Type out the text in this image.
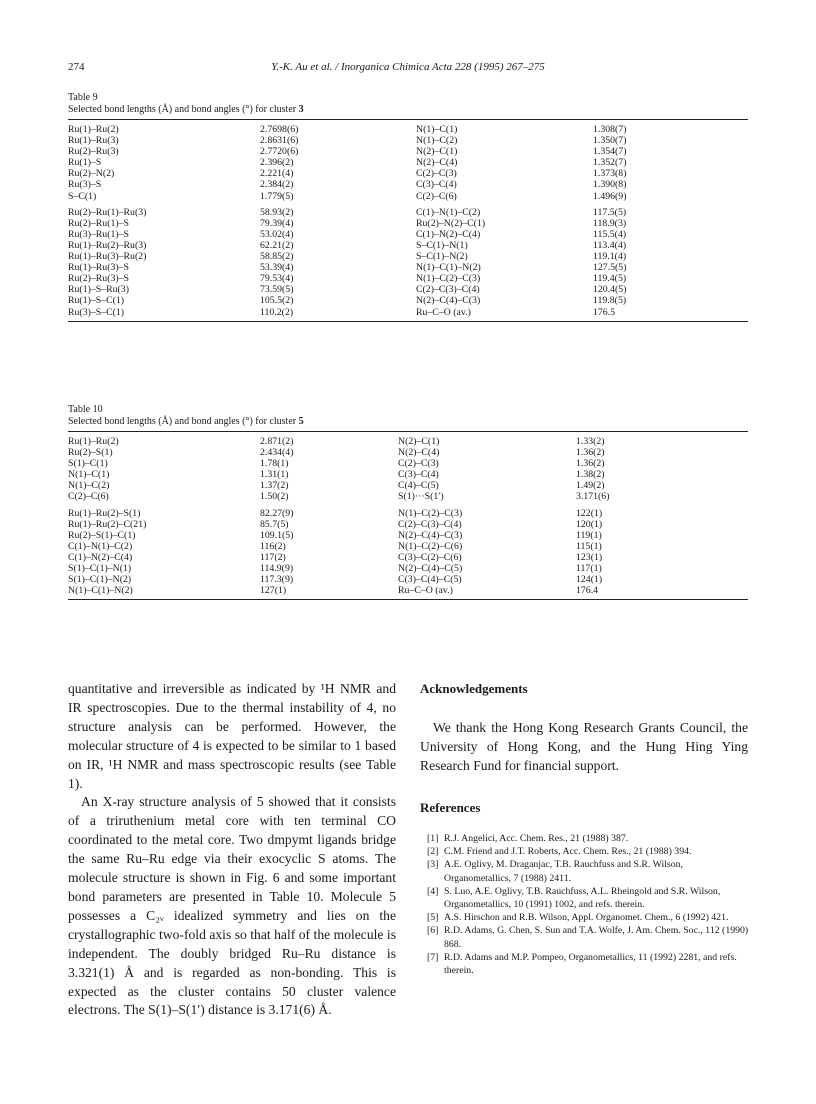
274	Y.-K. Au et al. / Inorganica Chimica Acta 228 (1995) 267–275
Table 9
Selected bond lengths (Å) and bond angles (°) for cluster 3
Ru(1)–Ru(2)	2.7698(6)	N(1)–C(1)	1.308(7)
Ru(1)–Ru(3)	2.8631(6)	N(1)–C(2)	1.350(7)
Ru(2)–Ru(3)	2.7720(6)	N(2)–C(1)	1.354(7)
Ru(1)–S	2.396(2)	N(2)–C(4)	1.352(7)
Ru(2)–N(2)	2.221(4)	C(2)–C(3)	1.373(8)
Ru(3)–S	2.384(2)	C(3)–C(4)	1.390(8)
S–C(1)	1.779(5)	C(2)–C(6)	1.496(9)
Ru(2)–Ru(1)–Ru(3)	58.93(2)	C(1)–N(1)–C(2)	117.5(5)
Ru(2)–Ru(1)–S	79.39(4)	Ru(2)–N(2)–C(1)	118.9(3)
Ru(3)–Ru(1)–S	53.02(4)	C(1)–N(2)–C(4)	115.5(4)
Ru(1)–Ru(2)–Ru(3)	62.21(2)	S–C(1)–N(1)	113.4(4)
Ru(1)–Ru(3)–Ru(2)	58.85(2)	S–C(1)–N(2)	119.1(4)
Ru(1)–Ru(3)–S	53.39(4)	N(1)–C(1)–N(2)	127.5(5)
Ru(2)–Ru(3)–S	79.53(4)	N(1)–C(2)–C(3)	119.4(5)
Ru(1)–S–Ru(3)	73.59(5)	C(2)–C(3)–C(4)	120.4(5)
Ru(1)–S–C(1)	105.5(2)	N(2)–C(4)–C(3)	119.8(5)
Ru(3)–S–C(1)	110.2(2)	Ru–C–O (av.)	176.5
Table 10
Selected bond lengths (Å) and bond angles (°) for cluster 5
Ru(1)–Ru(2)	2.871(2)	N(2)–C(1)	1.33(2)
Ru(2)–S(1)	2.434(4)	N(2)–C(4)	1.36(2)
S(1)–C(1)	1.78(1)	C(2)–C(3)	1.36(2)
N(1)–C(1)	1.31(1)	C(3)–C(4)	1.38(2)
N(1)–C(2)	1.37(2)	C(4)–C(5)	1.49(2)
C(2)–C(6)	1.50(2)	S(1)···S(1′)	3.171(6)
Ru(1)–Ru(2)–S(1)	82.27(9)	N(1)–C(2)–C(3)	122(1)
Ru(1)–Ru(2)–C(21)	85.7(5)	C(2)–C(3)–C(4)	120(1)
Ru(2)–S(1)–C(1)	109.1(5)	N(2)–C(4)–C(3)	119(1)
C(1)–N(1)–C(2)	116(2)	N(1)–C(2)–C(6)	115(1)
C(1)–N(2)–C(4)	117(2)	C(3)–C(2)–C(6)	123(1)
S(1)–C(1)–N(1)	114.9(9)	N(2)–C(4)–C(5)	117(1)
S(1)–C(1)–N(2)	117.3(9)	C(3)–C(4)–C(5)	124(1)
N(1)–C(1)–N(2)	127(1)	Ru–C–O (av.)	176.4

quantitative and irreversible as indicated by ¹H NMR and IR spectroscopies. Due to the thermal instability of 4, no structure analysis can be performed. However, the molecular structure of 4 is expected to be similar to 1 based on IR, ¹H NMR and mass spectroscopic results (see Table 1).

An X-ray structure analysis of 5 showed that it consists of a triruthenium metal core with ten terminal CO coordinated to the metal core. Two dmpymt ligands bridge the same Ru–Ru edge via their exocyclic S atoms. The molecule structure is shown in Fig. 6 and some important bond parameters are presented in Table 10. Molecule 5 possesses a C₂ᵥ idealized symmetry and lies on the crystallographic two-fold axis so that half of the molecule is independent. The doubly bridged Ru–Ru distance is 3.321(1) Å and is regarded as non-bonding. This is expected as the cluster contains 50 cluster valence electrons. The S(1)–S(1′) distance is 3.171(6) Å.

Acknowledgements

We thank the Hong Kong Research Grants Council, the University of Hong Kong, and the Hung Hing Ying Research Fund for financial support.

References
[1] R.J. Angelici, Acc. Chem. Res., 21 (1988) 387.
[2] C.M. Friend and J.T. Roberts, Acc. Chem. Res., 21 (1988) 394.
[3] A.E. Oglivy, M. Draganjac, T.B. Rauchfuss and S.R. Wilson, Organometallics, 7 (1988) 2411.
[4] S. Luo, A.E. Oglivy, T.B. Rauchfuss, A.L. Rheingold and S.R. Wilson, Organometallics, 10 (1991) 1002, and refs. therein.
[5] A.S. Hirschon and R.B. Wilson, Appl. Organomet. Chem., 6 (1992) 421.
[6] R.D. Adams, G. Chen, S. Sun and T.A. Wolfe, J. Am. Chem. Soc., 112 (1990) 868.
[7] R.D. Adams and M.P. Pompeo, Organometallics, 11 (1992) 2281, and refs. therein.
